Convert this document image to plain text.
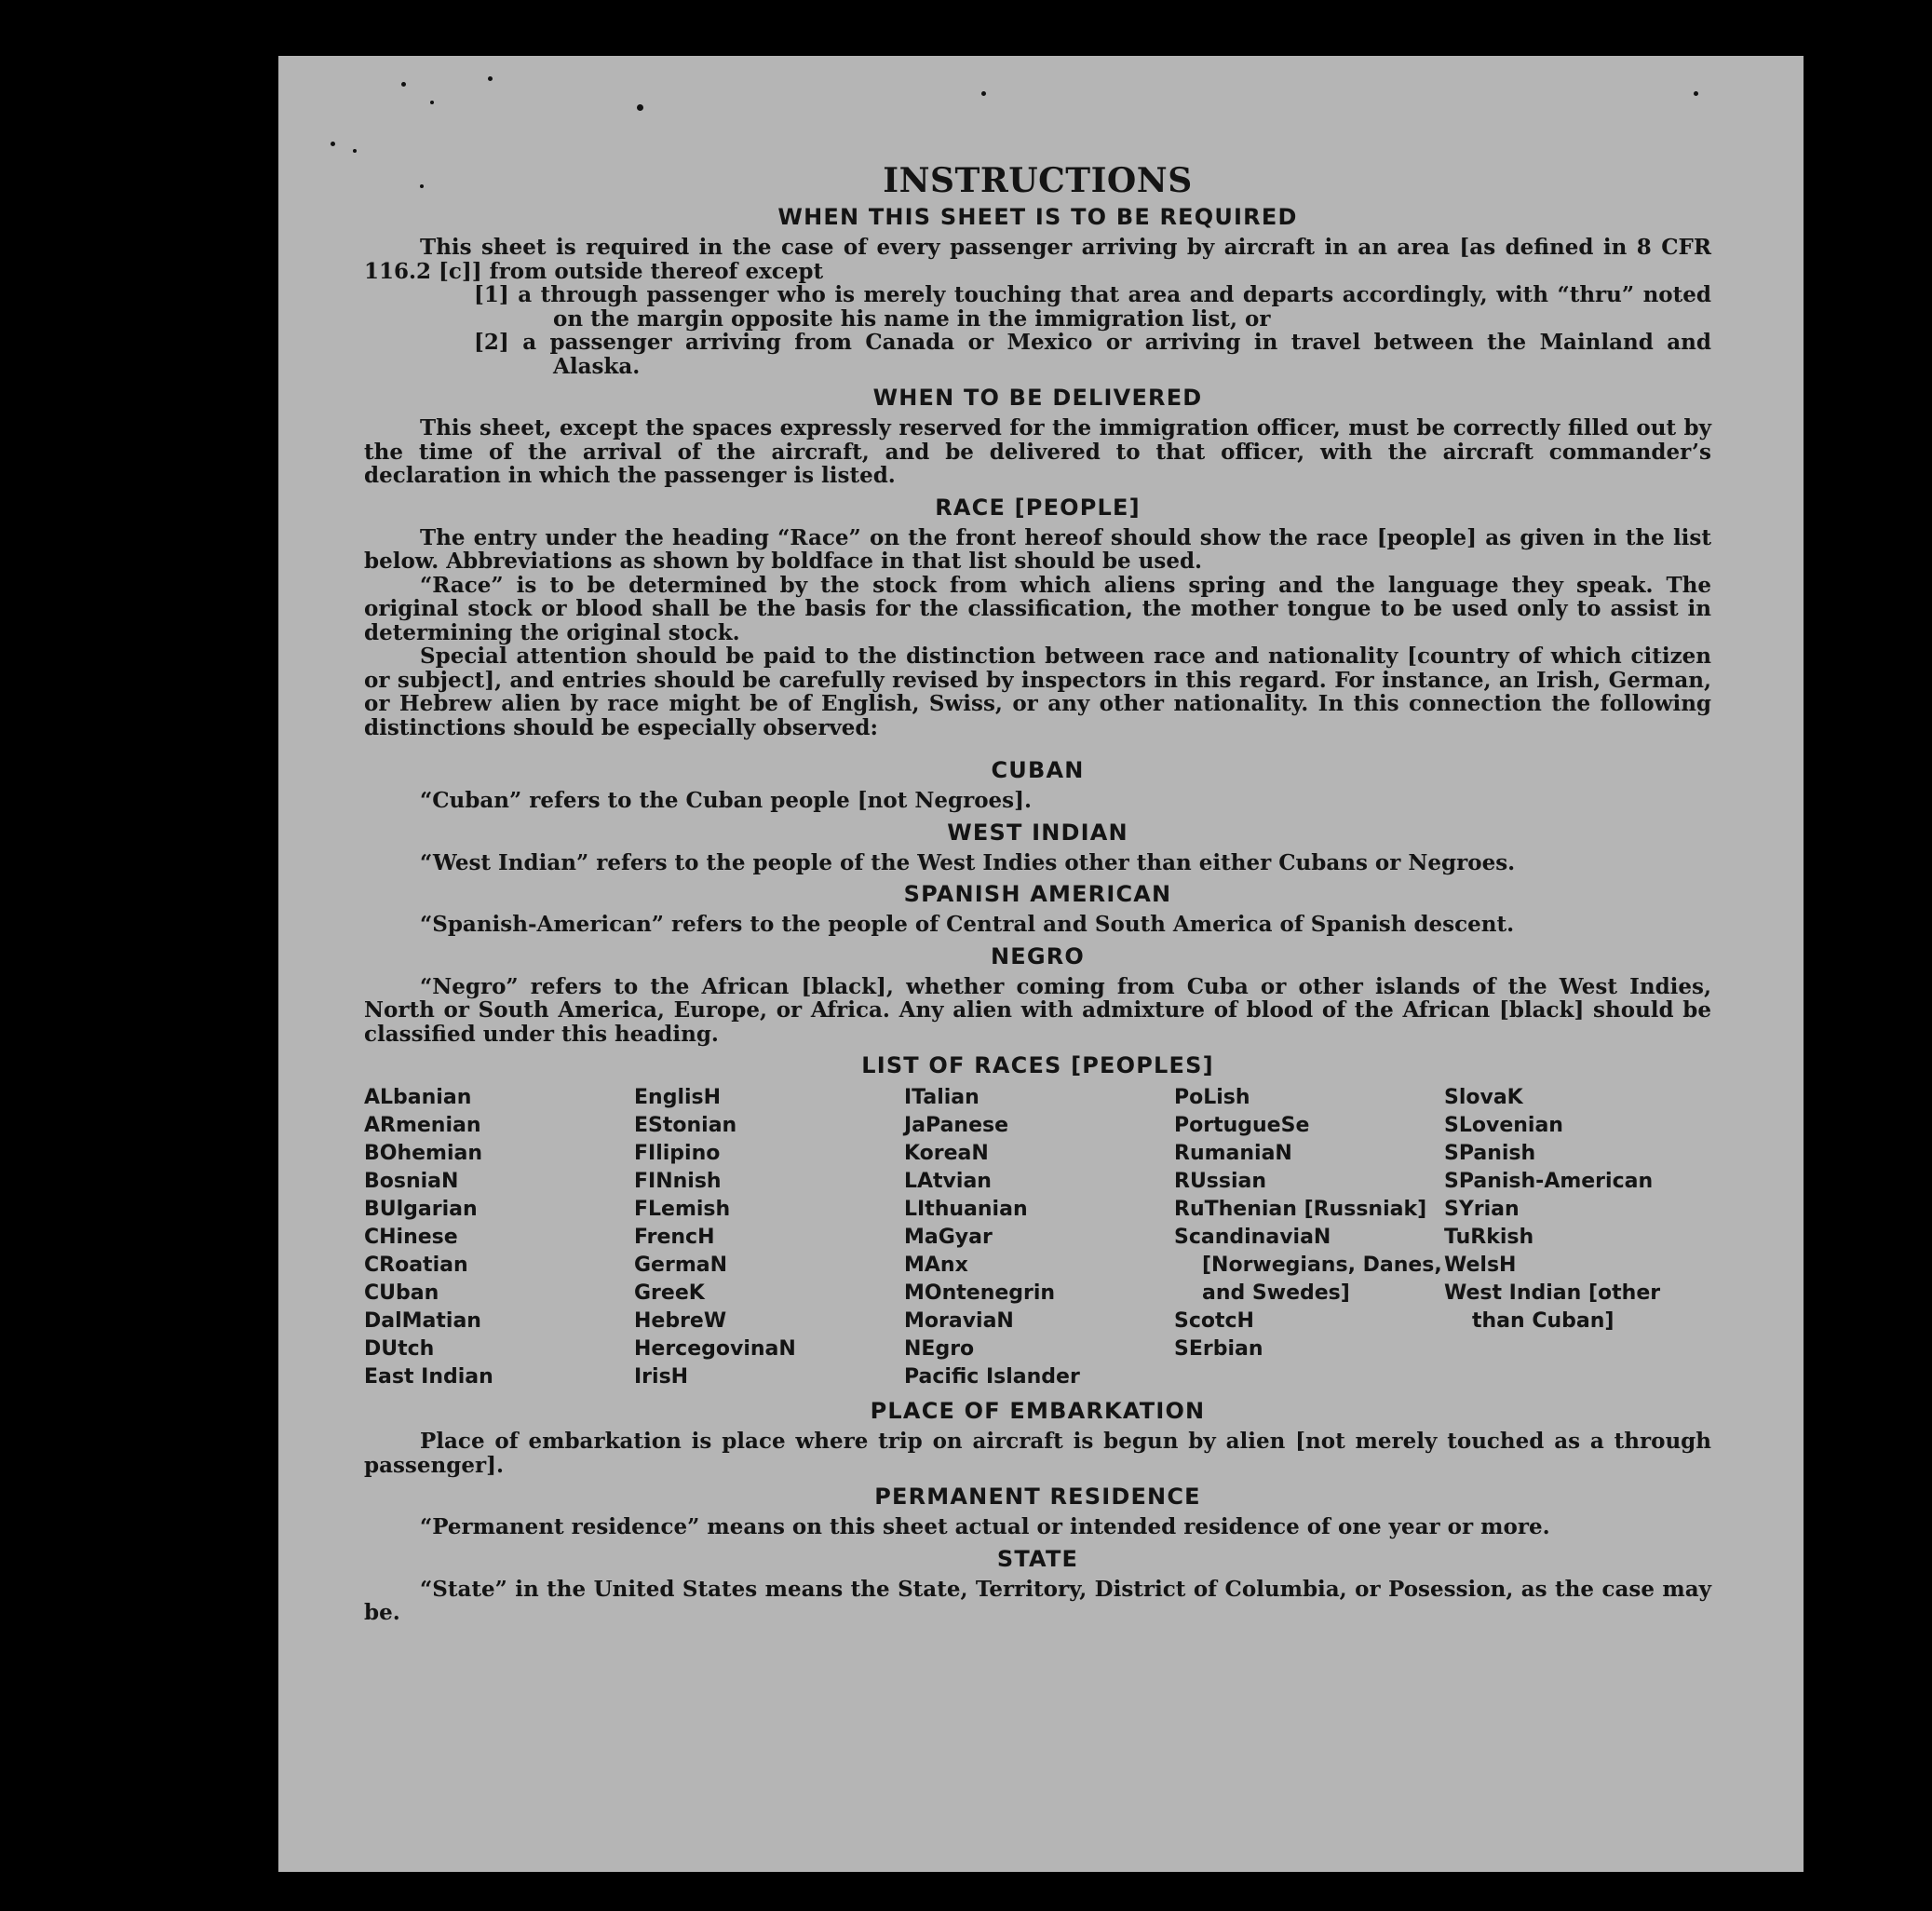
INSTRUCTIONS
WHEN THIS SHEET IS TO BE REQUIRED

This sheet is required in the case of every passenger arriving by aircraft in an area [as defined in 8 CFR 116.2 [c]] from outside thereof except

[1] a through passenger who is merely touching that area and departs accordingly, with “thru” noted on the margin opposite his name in the immigration list, or

[2] a passenger arriving from Canada or Mexico or arriving in travel between the Mainland and Alaska.

WHEN TO BE DELIVERED

This sheet, except the spaces expressly reserved for the immigration officer, must be correctly filled out by the time of the arrival of the aircraft, and be delivered to that officer, with the aircraft commander’s declaration in which the passenger is listed.

RACE [PEOPLE]

The entry under the heading “Race” on the front hereof should show the race [people] as given in the list below. Abbreviations as shown by boldface in that list should be used.

“Race” is to be determined by the stock from which aliens spring and the language they speak. The original stock or blood shall be the basis for the classification, the mother tongue to be used only to assist in determining the original stock.

Special attention should be paid to the distinction between race and nationality [country of which citizen or subject], and entries should be carefully revised by inspectors in this regard. For instance, an Irish, German, or Hebrew alien by race might be of English, Swiss, or any other nationality. In this connection the following distinctions should be especially observed:

CUBAN

“Cuban” refers to the Cuban people [not Negroes].

WEST INDIAN

“West Indian” refers to the people of the West Indies other than either Cubans or Negroes.

SPANISH AMERICAN

“Spanish-American” refers to the people of Central and South America of Spanish descent.

NEGRO

“Negro” refers to the African [black], whether coming from Cuba or other islands of the West Indies, North or South America, Europe, or Africa. Any alien with admixture of blood of the African [black] should be classified under this heading.

LIST OF RACES [PEOPLES]
ALbanian
ARmenian
BOhemian
BosniaN
BUlgarian
CHinese
CRoatian
CUban
DalMatian
DUtch
East Indian
EnglisH
EStonian
FIlipino
FINnish
FLemish
FrencH
GermaN
GreeK
HebreW
HercegovinaN
IrisH
ITalian
JaPanese
KoreaN
LAtvian
LIthuanian
MaGyar
MAnx
MOntenegrin
MoraviaN
NEgro
Pacific Islander
PoLish
PortugueSe
RumaniaN
RUssian
RuThenian [Russniak]
ScandinaviaN [Norwegians, Danes, and Swedes]
ScotcH
SErbian
SlovaK
SLovenian
SPanish
SPanish-American
SYrian
TuRkish
WelsH
West Indian [other than Cuban]
PLACE OF EMBARKATION

Place of embarkation is place where trip on aircraft is begun by alien [not merely touched as a through passenger].

PERMANENT RESIDENCE

“Permanent residence” means on this sheet actual or intended residence of one year or more.

STATE

“State” in the United States means the State, Territory, District of Columbia, or Posession, as the case may be.
